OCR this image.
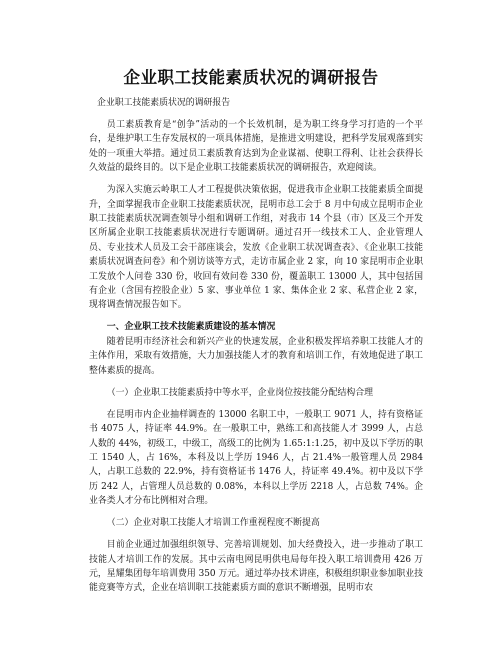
企业职工技能素质状况的调研报告

企业职工技能素质状况的调研报告

员工素质教育是“创争”活动的一个长效机制，是为职工终身学习打造的一个平台，是维护职工生存发展权的一项具体措施，是推进文明建设，把科学发展观落到实处的一项重大举措。通过员工素质教育达到为企业谋福、使职工得利、让社会获得长久效益的最终目的。以下是企业职工技能素质状况的调研报告，欢迎阅读。

为深入实施云岭职工人才工程提供决策依据，促进我市企业职工技能素质全面提升，全面掌握我市企业职工技能素质状况，昆明市总工会于 8 月中旬成立昆明市企业职工技能素质状况调查领导小组和调研工作组，对我市 14 个县（市）区及三个开发区所属企业职工技能素质状况进行专题调研。通过召开一线技术工人、企业管理人员、专业技术人员及工会干部座谈会，发放《企业职工状况调查表》、《企业职工技能素质状况调查问卷》和个别访谈等方式，走访市属企业 2 家，向 10 家昆明市企业职工发放个人问卷 330 份，收回有效问卷 330 份，覆盖职工 13000 人，其中包括国有企业（含国有控股企业）5 家、事业单位 1 家、集体企业 2 家、私营企业 2 家，现将调查情况报告如下。

一、企业职工技术技能素质建设的基本情况

随着昆明市经济社会和新兴产业的快速发展，企业积极发挥培养职工技能人才的主体作用，采取有效措施，大力加强技能人才的教育和培训工作，有效地促进了职工整体素质的提高。

（一）企业职工技能素质持中等水平，企业岗位按技能分配结构合理

在昆明市内企业抽样调查的 13000 名职工中，一般职工 9071 人，持有资格证书 4075 人，持证率 44.9%。在一般职工中，熟练工和高技能人才 3999 人，占总人数的 44%，初级工，中级工，高级工的比例为 1.65:1:1.25，初中及以下学历的职工 1540 人，占 16%，本科及以上学历 1946 人，占 21.4%一般管理人员 2984 人，占职工总数的 22.9%，持有资格证书 1476 人，持证率 49.4%。初中及以下学历 242 人，占管理人员总数的 0.08%，本科以上学历 2218 人，占总数 74%。企业各类人才分布比例相对合理。

（二）企业对职工技能人才培训工作重视程度不断提高

目前企业通过加强组织领导、完善培训规划、加大经费投入，进一步推动了职工技能人才培训工作的发展。其中云南电网昆明供电局每年投入职工培训费用 426 万元，星耀集团每年培训费用 350 万元。通过举办技术讲座，积极组织职业参加职业技能竞赛等方式，企业在培训职工技能素质方面的意识不断增强，昆明市农
